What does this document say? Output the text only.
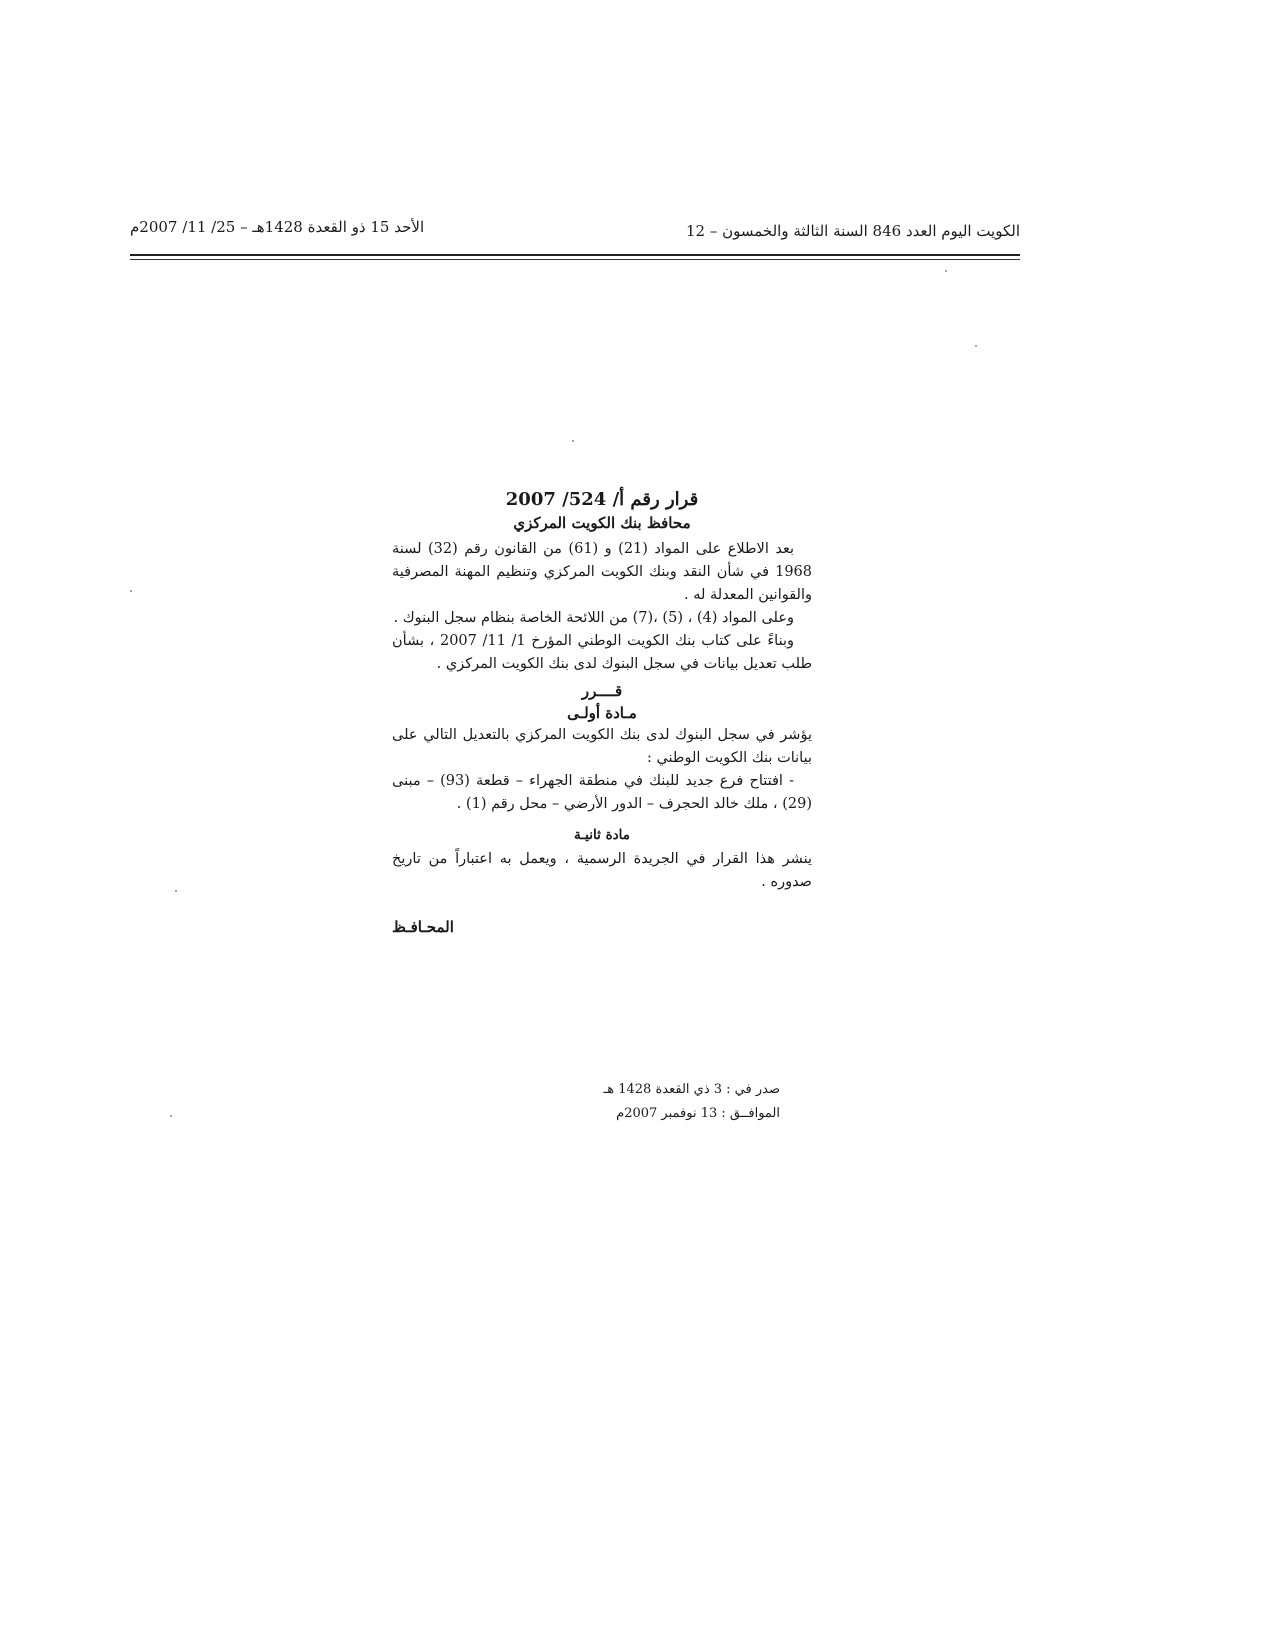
الكويت اليوم العدد 846 السنة الثالثة والخمسون – 12
الأحد 15 ذو القعدة 1428هـ – 25/ 11/ 2007م

قرار رقم أ/ 524/ 2007

محافظ بنك الكويت المركزي

بعد الاطلاع على المواد (21) و (61) من القانون رقم (32) لسنة 1968 في شأن النقد وبنك الكويت المركزي وتنظيم المهنة المصرفية والقوانين المعدلة له .

وعلى المواد (4) ، (5) ،(7) من اللائحة الخاصة بنظام سجل البنوك .

وبناءً على كتاب بنك الكويت الوطني المؤرخ 1/ 11/ 2007 ، بشأن طلب تعديل بيانات في سجل البنوك لدى بنك الكويت المركزي .

قــــرر

مـادة أولـى

يؤشر في سجل البنوك لدى بنك الكويت المركزي بالتعديل التالي على بيانات بنك الكويت الوطني :

- افتتاح فرع جديد للبنك في منطقة الجهراء – قطعة (93) – مبنى (29) ، ملك خالد الحجرف – الدور الأرضي – محل رقم (1) .

مادة ثانيـة

ينشر هذا القرار في الجريدة الرسمية ، ويعمل به اعتباراً من تاريخ صدوره .

المحـافـظ

صدر في : 3 ذي القعدة 1428 هـ
الموافــق : 13 نوفمبر 2007م
